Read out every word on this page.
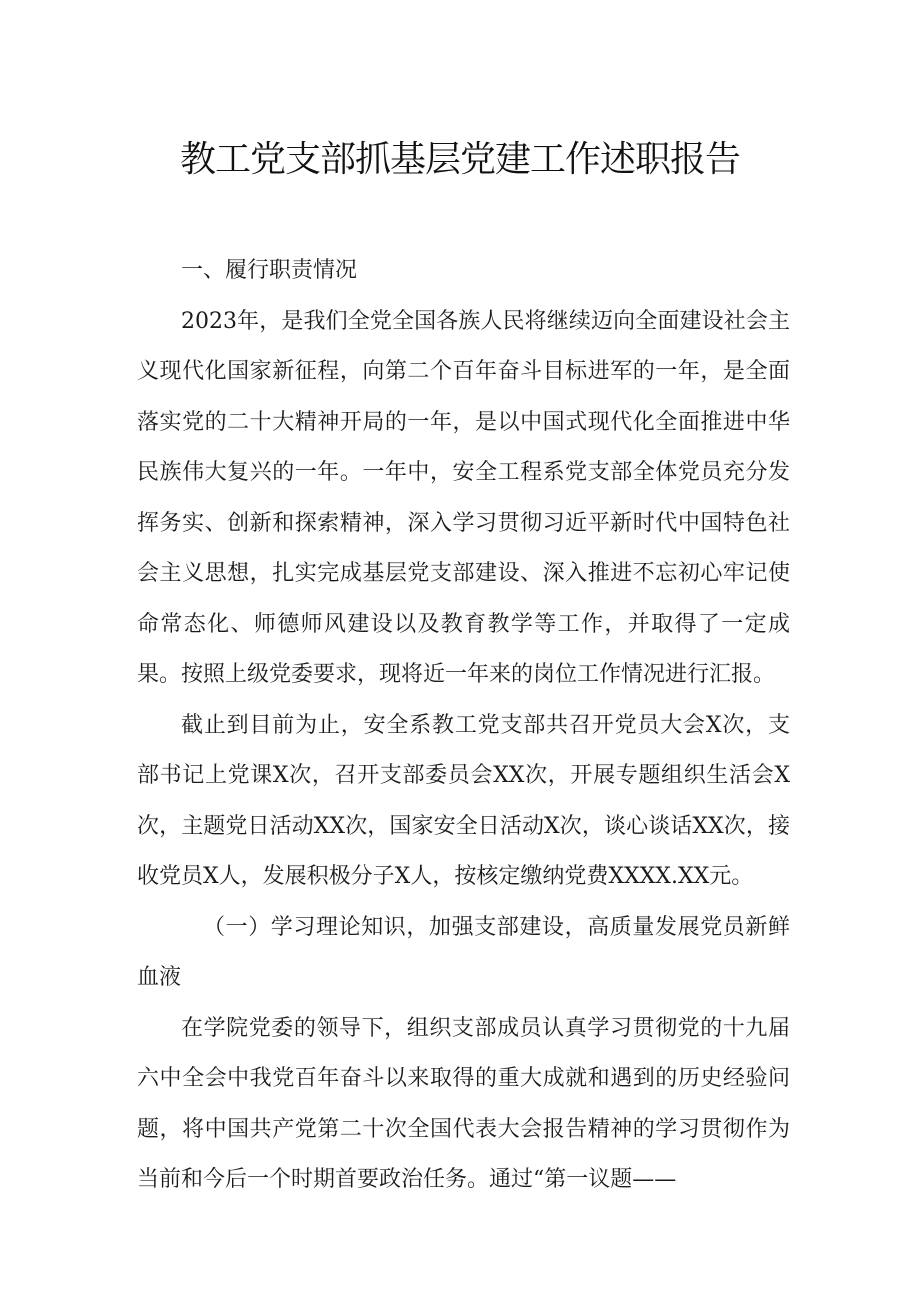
教工党支部抓基层党建工作述职报告

一、履行职责情况

2023年，是我们全党全国各族人民将继续迈向全面建设社会主义现代化国家新征程，向第二个百年奋斗目标进军的一年，是全面落实党的二十大精神开局的一年，是以中国式现代化全面推进中华民族伟大复兴的一年。一年中，安全工程系党支部全体党员充分发挥务实、创新和探索精神，深入学习贯彻习近平新时代中国特色社会主义思想，扎实完成基层党支部建设、深入推进不忘初心牢记使命常态化、师德师风建设以及教育教学等工作，并取得了一定成果。按照上级党委要求，现将近一年来的岗位工作情况进行汇报。

截止到目前为止，安全系教工党支部共召开党员大会X次，支部书记上党课X次，召开支部委员会XX次，开展专题组织生活会X次，主题党日活动XX次，国家安全日活动X次，谈心谈话XX次，接收党员X人，发展积极分子X人，按核定缴纳党费XXXX.XX元。

（一）学习理论知识，加强支部建设，高质量发展党员新鲜血液

在学院党委的领导下，组织支部成员认真学习贯彻党的十九届六中全会中我党百年奋斗以来取得的重大成就和遇到的历史经验问题，将中国共产党第二十次全国代表大会报告精神的学习贯彻作为当前和今后一个时期首要政治任务。通过“第一议题——
